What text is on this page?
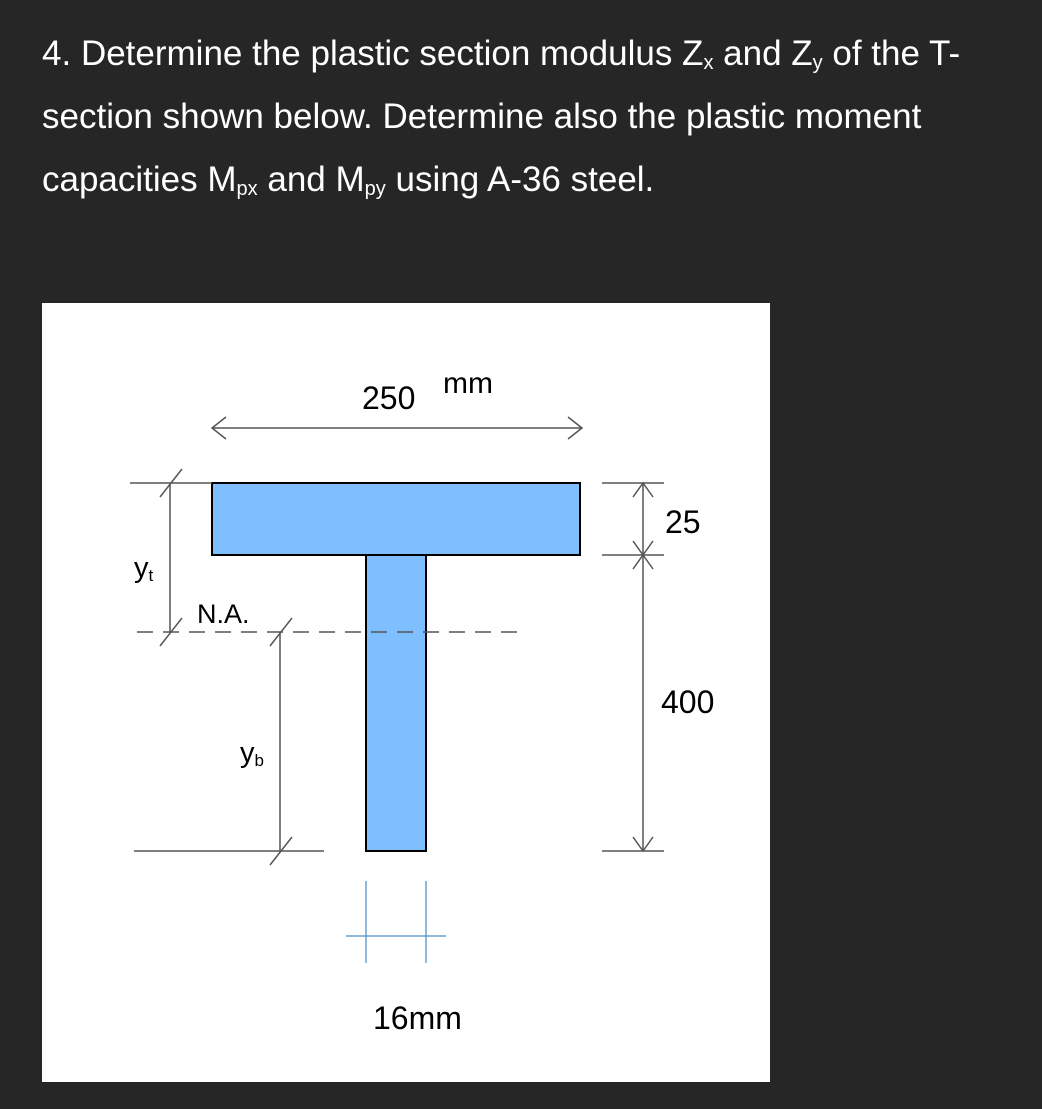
4. Determine the plastic section modulus $Z_x$ and $Z_y$ of the T-section shown below. Determine also the plastic moment capacities $M_{px}$ and $M_{py}$ using A-36 steel.
250 mm
N.A.
yt
yb
25
400
16mm
